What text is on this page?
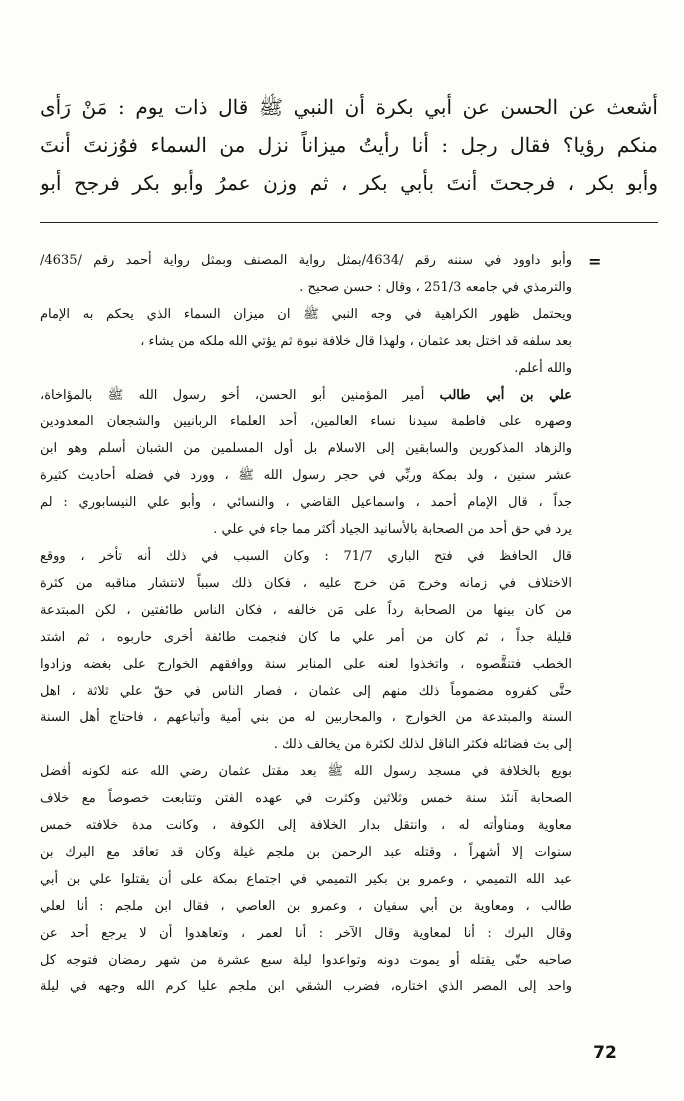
أشعث عن الحسن عن أبي بكرة أن النبي ﷺ قال ذات يوم : مَنْ رَأى
منكم رؤيا؟ فقال رجل : أنا رأيتُ ميزاناً نزل من السماء فوُزنتَ أنتَ
وأبو بكر ، فرجحتَ أنتَ بأبي بكر ، ثم وزن عمرُ وأبو بكر فرجح أبو
=
وأبو داوود في سننه رقم /4634/بمثل رواية المصنف وبمثل رواية أحمد رقم /4635/
والترمذي في جامعه 251/3 ، وقال : حسن صحيح .
ويحتمل ظهور الكراهية في وجه النبي ﷺ ان ميزان السماء الذي يحكم به الإمام
بعد سلفه قد اختل بعد عثمان ، ولهذا قال خلافة نبوة ثم يؤتي الله ملكه من يشاء ،
والله أعلم.
علي بن أبي طالب أمير المؤمنين أبو الحسن، أخو رسول الله ﷺ بالمؤاخاة،
وصهره على فاطمة سيدنا نساء العالمين، أحد العلماء الربانيين والشجعان المعدودين
والزهاد المذكورين والسابقين إلى الاسلام بل أول المسلمين من الشبان أسلم وهو ابن
عشر سنين ، ولد بمكة وربِّي في حجر رسول الله ﷺ ، وورد في فضله أحاديث كثيرة
جداً ، قال الإمام أحمد ، واسماعيل القاضي ، والنسائي ، وأبو علي النيسابوري : لم
يرد في حق أحد من الصحابة بالأسانيد الجياد أكثر مما جاء في علي .
قال الحافظ في فتح الباري 71/7 : وكان السبب في ذلك أنه تأخر ، ووقع
الاختلاف في زمانه وخرج مَن خرج عليه ، فكان ذلك سبباً لانتشار مناقبه من كثرة
من كان بينها من الصحابة رداً على مَن خالفه ، فكان الناس طائفتين ، لكن المبتدعة
قليلة جداً ، ثم كان من أمر علي ما كان فنجمت طائفة أخرى حاربوه ، ثم اشتد
الخطب فتنقَّصوه ، واتخذوا لعنه على المنابر سنة ووافقهم الخوارج على بغضه وزادوا
حتَّى كفروه مضموماً ذلك منهم إلى عثمان ، فصار الناس في حقّ علي ثلاثة ، اهل
السنة والمبتدعة من الخوارج ، والمحاربين له من بني أمية وأتباعهم ، فاحتاج أهل السنة
إلى بث فضائله فكثر الناقل لذلك لكثرة من يخالف ذلك .
بويع بالخلافة في مسجد رسول الله ﷺ بعد مقتل عثمان رضي الله عنه لكونه أفضل
الصحابة آنئذ سنة خمس وثلاثين وكثرت في عهده الفتن وتتابعت خصوصاً مع خلاف
معاوية ومناوأته له ، وانتقل بدار الخلافة إلى الكوفة ، وكانت مدة خلافته خمس
سنوات إلا أشهراً ، وقتله عبد الرحمن بن ملجم غيلة وكان قد تعاقد مع البرك بن
عبد الله التميمي ، وعمرو بن بكير التميمي في اجتماع بمكة على أن يقتلوا علي بن أبي
طالب ، ومعاوية بن أبي سفيان ، وعمرو بن العاصي ، فقال ابن ملجم : أنا لعلي
وقال البرك : أنا لمعاوية وقال الآخر : أنا لعمر ، وتعاهدوا أن لا يرجع أحد عن
صاحبه حتّى يقتله أو يموت دونه وتواعدوا ليلة سبع عشرة من شهر رمضان فتوجه كل
واحد إلى المصر الذي اختاره، فضرب الشقي ابن ملجم عليا كرم الله وجهه في ليلة
72
